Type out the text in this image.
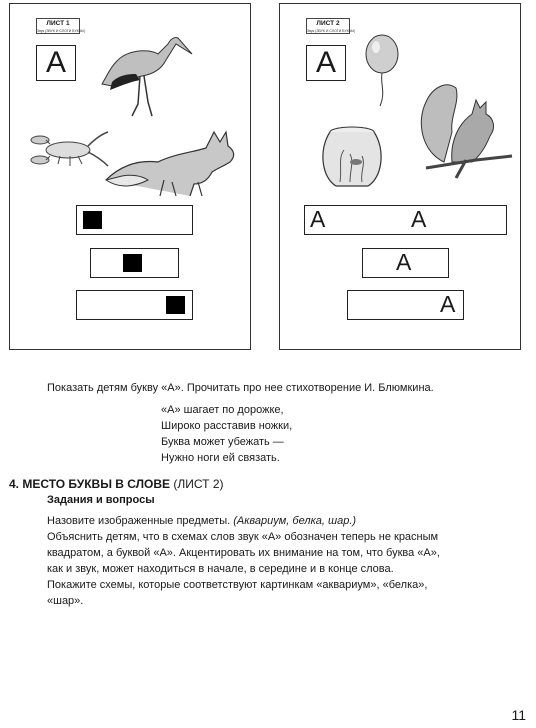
ЛИСТ 1
Звук (ЗВУК И СЛОГИ БУКВЫ)
А
ЛИСТ 2
Звук (ЗВУК И СЛОГИ БУКВЫ)
А
А	А
А
А
Показать детям букву «А». Прочитать про нее стихотворение И. Блюмкина.
«А» шагает по дорожке,
Широко расставив ножки,
Буква может убежать —
Нужно ноги ей связать.
4. МЕСТО БУКВЫ В СЛОВЕ (ЛИСТ 2)
Задания и вопросы
Назовите изображенные предметы. (Аквариум, белка, шар.)
Объяснить детям, что в схемах слов звук «А» обозначен теперь не красным
квадратом, а буквой «А». Акцентировать их внимание на том, что буква «А»,
как и звук, может находиться в начале, в середине и в конце слова.
Покажите схемы, которые соответствуют картинкам «аквариум», «белка»,
«шар».
11
